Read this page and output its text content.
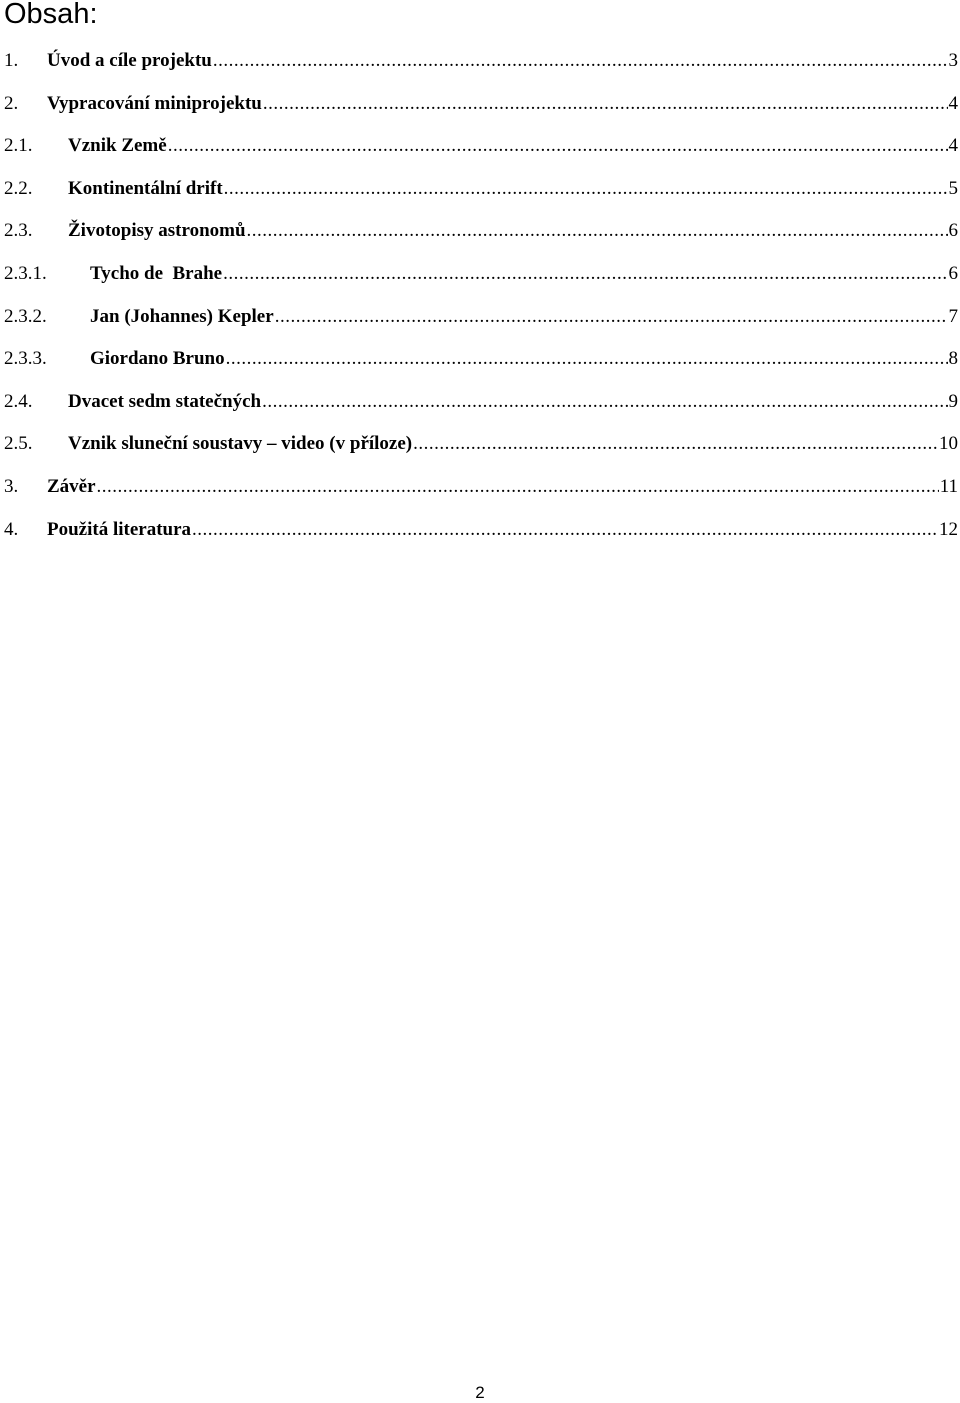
Obsah:
1.	Úvod a cíle projektu .....	3
2.	Vypracování miniprojektu .....	4
2.1.	Vznik Země .....	4
2.2.	Kontinentální drift .....	5
2.3.	Životopisy astronomů .....	6
2.3.1.	Tycho de  Brahe .....	6
2.3.2.	Jan (Johannes) Kepler .....	7
2.3.3.	Giordano Bruno .....	8
2.4.	Dvacet sedm statečných .....	9
2.5.	Vznik sluneční soustavy – video (v příloze) .....	10
3.	Závěr .....	11
4.	Použitá literatura .....	12
2
